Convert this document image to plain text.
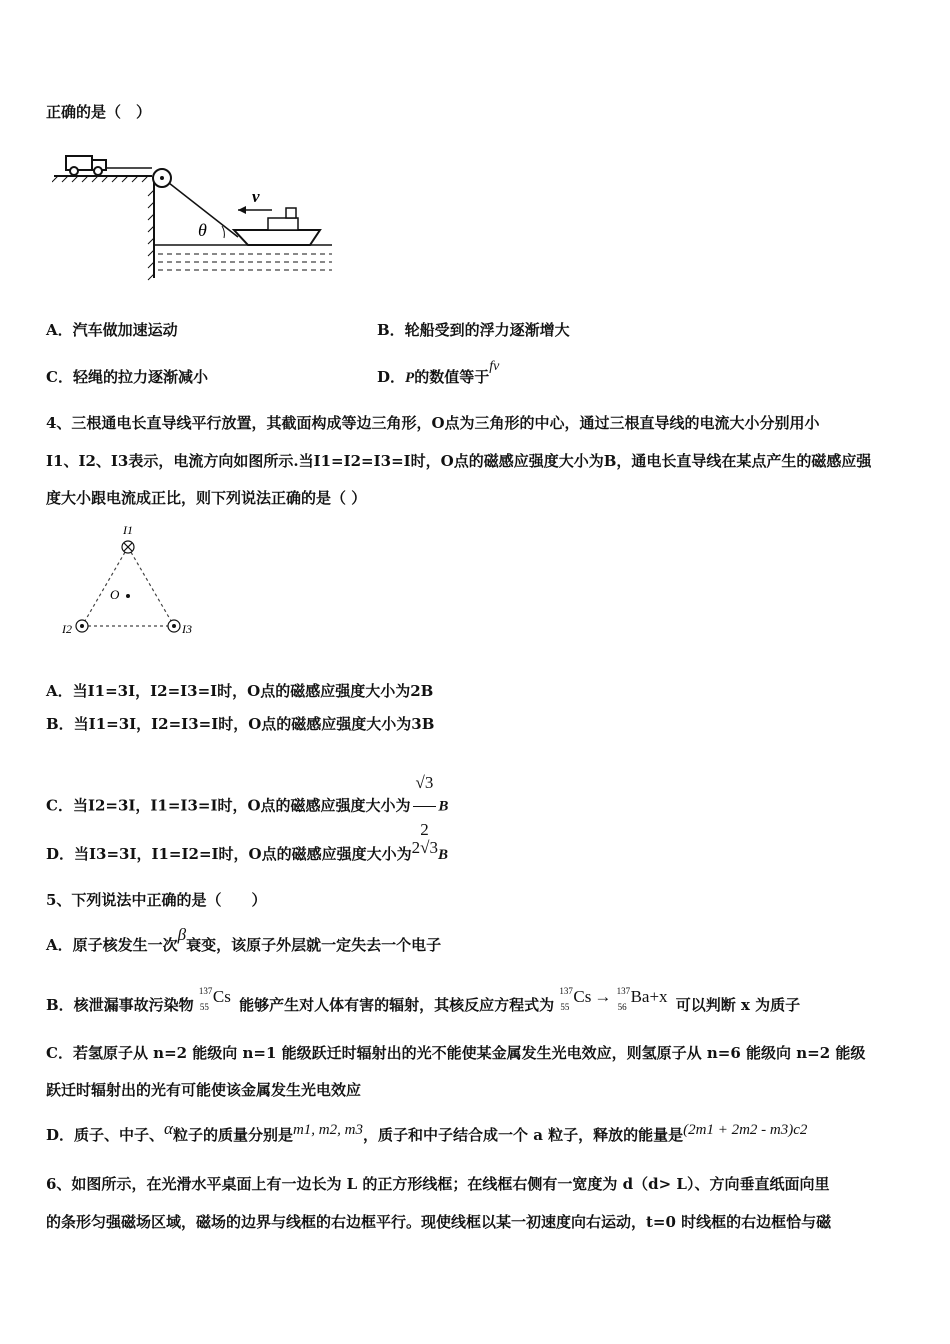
正确的是（　）
θ
v
A．汽车做加速运动	B．轮船受到的浮力逐渐增大
C．轻绳的拉力逐渐减小	D．P的数值等于fv
4、三根通电长直导线平行放置，其截面构成等边三角形，O点为三角形的中心，通过三根直导线的电流大小分别用小
I1、I2、I3表示，电流方向如图所示.当I1=I2=I3=I时，O点的磁感应强度大小为B，通电长直导线在某点产生的磁感应强
度大小跟电流成正比，则下列说法正确的是（ ）
I1
I2	I3
O
A．当I1=3I，I2=I3=I时，O点的磁感应强度大小为2B
B．当I1=3I，I2=I3=I时，O点的磁感应强度大小为3B
C．当I2=3I，I1=I3=I时，O点的磁感应强度大小为 $\frac{√3}{2}$ B
D．当I3=3I，I1=I2=I时，O点的磁感应强度大小为2√3B
5、下列说法中正确的是（　　）
A．原子核发生一次β衰变，该原子外层就一定失去一个电子
B．核泄漏事故污染物
137
55
Cs 能够产生对人体有害的辐射，其核反应方程式为
137
55
Cs → 137
56
Ba+x 可以判断 x 为质子
C．若氢原子从 n=2 能级向 n=1 能级跃迁时辐射出的光不能使某金属发生光电效应，则氢原子从 n=6 能级向 n=2 能级
跃迁时辐射出的光有可能使该金属发生光电效应
D．质子、中子、α粒子的质量分别是m1, m2, m3，质子和中子结合成一个 a 粒子，释放的能量是(2m1 + 2m2 - m3)c2
6、如图所示，在光滑水平桌面上有一边长为 L 的正方形线框；在线框右侧有一宽度为 d（d> L）、方向垂直纸面向里
的条形匀强磁场区域，磁场的边界与线框的右边框平行。现使线框以某一初速度向右运动，t=0 时线框的右边框恰与磁
